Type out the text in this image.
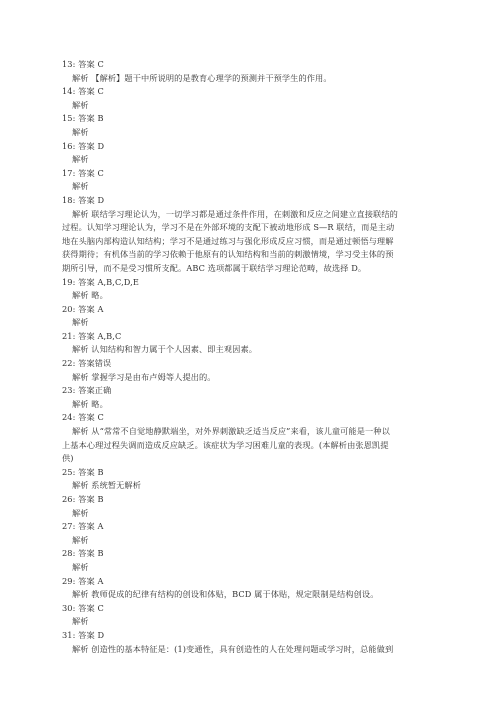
13: 答案 C
解析 【解析】题干中所说明的是教育心理学的预测并干预学生的作用。
14: 答案 C
解析
15: 答案 B
解析
16: 答案 D
解析
17: 答案 C
解析
18: 答案 D
解析 联结学习理论认为，一切学习都是通过条件作用，在刺激和反应之间建立直接联结的
过程。认知学习理论认为，学习不是在外部环境的支配下被动地形成 S—R 联结，而是主动
地在头脑内部构造认知结构；学习不是通过练习与强化形成反应习惯，而是通过顿悟与理解
获得期待；有机体当前的学习依赖于他原有的认知结构和当前的刺激情境，学习受主体的预
期所引导，而不是受习惯所支配。ABC 选项都属于联结学习理论范畴，故选择 D。
19: 答案 A,B,C,D,E
解析 略。
20: 答案 A
解析
21: 答案 A,B,C
解析 认知结构和智力属于个人因素、即主观因素。
22: 答案错误
解析 掌握学习是由布卢姆等人提出的。
23: 答案正确
解析 略。
24: 答案 C
解析 从“常常不自觉地静默端坐，对外界刺激缺乏适当反应”来看，该儿童可能是一种以
上基本心理过程失调而造成反应缺乏。该症状为学习困难儿童的表现。(本解析由张恩凯提
供)
25: 答案 B
解析 系统暂无解析
26: 答案 B
解析
27: 答案 A
解析
28: 答案 B
解析
29: 答案 A
解析 教师促成的纪律有结构的创设和体贴，BCD 属于体贴，规定限制是结构创设。
30: 答案 C
解析
31: 答案 D
解析 创造性的基本特征是：(1)变通性，具有创造性的人在处理问题或学习时，总能做到
